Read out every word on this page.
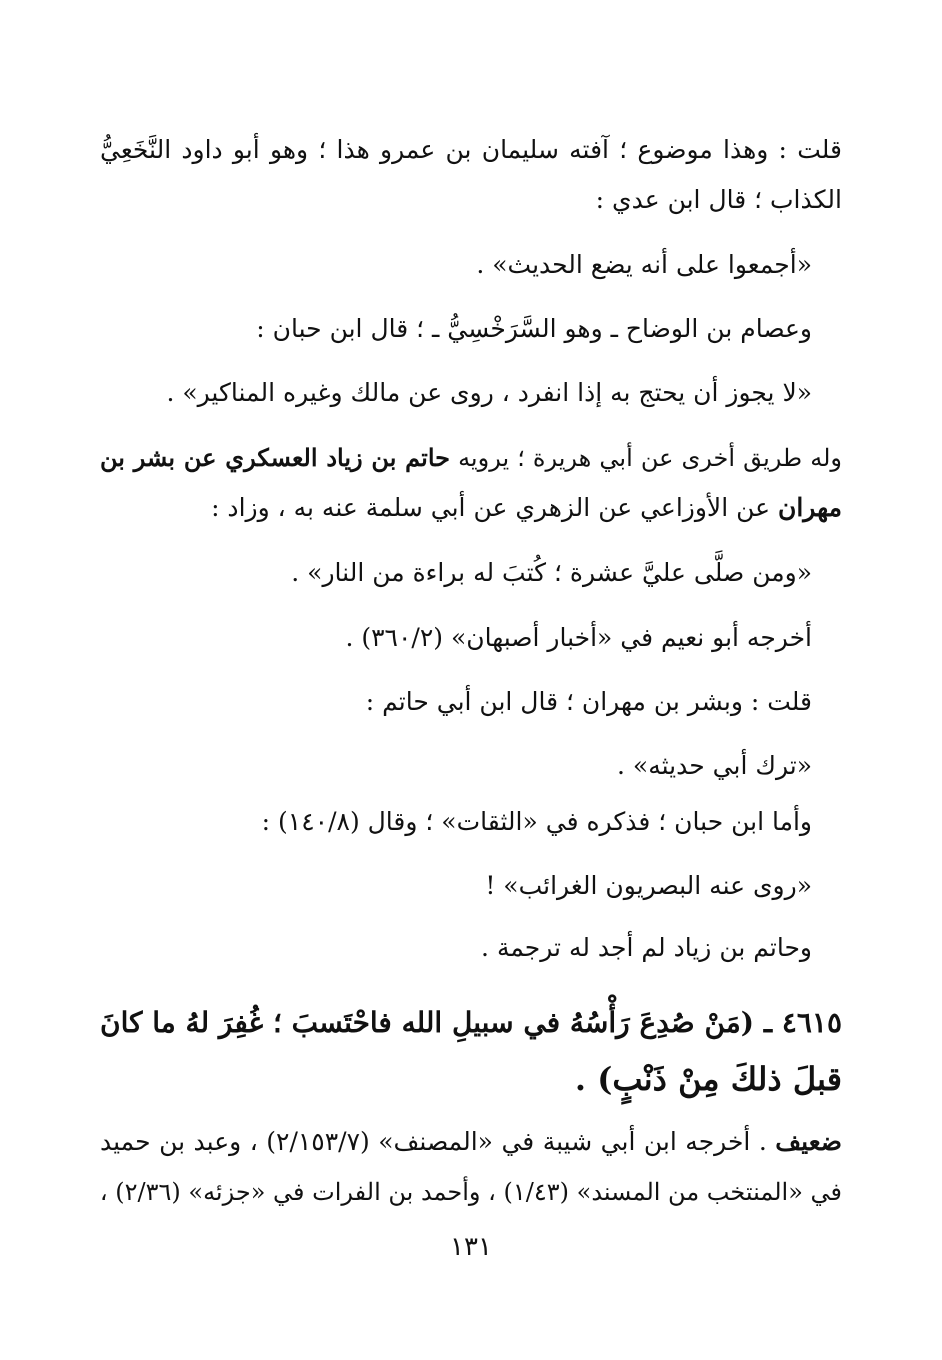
قلت : وهذا موضوع ؛ آفته سليمان بن عمرو هذا ؛ وهو أبو داود النَّخَعِيُّ
الكذاب ؛ قال ابن عدي :
«أجمعوا على أنه يضع الحديث» .
وعصام بن الوضاح ـ وهو السَّرَخْسِيُّ ـ ؛ قال ابن حبان :
«لا يجوز أن يحتج به إذا انفرد ، روى عن مالك وغيره المناكير» .
وله طريق أخرى عن أبي هريرة ؛ يرويه حاتم بن زياد العسكري عن بشر بن
مهران عن الأوزاعي عن الزهري عن أبي سلمة عنه به ، وزاد :
«ومن صلَّى عليَّ عشرة ؛ كُتبَ له براءة من النار» .
أخرجه أبو نعيم في «أخبار أصبهان» (٣٦٠/٢) .
قلت : وبشر بن مهران ؛ قال ابن أبي حاتم :
«ترك أبي حديثه» .
وأما ابن حبان ؛ فذكره في «الثقات» ؛ وقال (١٤٠/٨) :
«روى عنه البصريون الغرائب» !
وحاتم بن زياد لم أجد له ترجمة .
٤٦١٥ ـ (مَنْ صُدِعَ رَأْسُهُ في سبيلِ الله فاحْتَسبَ ؛ غُفِرَ لهُ ما كانَ
قبلَ ذلكَ مِنْ ذَنْبٍ) .
ضعيف . أخرجه ابن أبي شيبة في «المصنف» (٢/١٥٣/٧) ، وعبد بن حميد
في «المنتخب من المسند» (١/٤٣) ، وأحمد بن الفرات في «جزئه» (٢/٣٦) ،
١٣١
